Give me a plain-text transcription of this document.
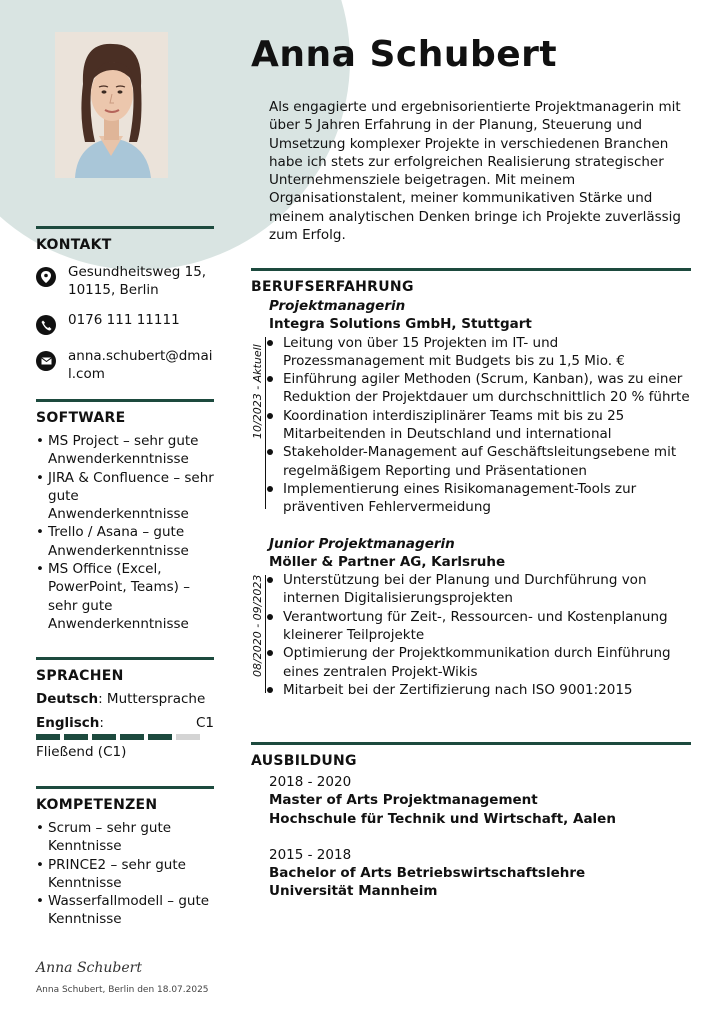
KONTAKT
Gesundheitsweg 15, 10115, Berlin
0176 111 11111
anna.schubert@dmail.com
SOFTWARE
• MS Project – sehr gute Anwenderkenntnisse
• JIRA & Confluence – sehr gute Anwenderkenntnisse
• Trello / Asana – gute Anwenderkenntnisse
• MS Office (Excel, PowerPoint, Teams) – sehr gute Anwenderkenntnisse
SPRACHEN
Deutsch: Muttersprache
Englisch:	C1
Fließend (C1)
KOMPETENZEN
• Scrum – sehr gute Kenntnisse
• PRINCE2 – sehr gute Kenntnisse
• Wasserfallmodell – gute Kenntnisse
Anna Schubert
Als engagierte und ergebnisorientierte Projektmanagerin mit über 5 Jahren Erfahrung in der Planung, Steuerung und Umsetzung komplexer Projekte in verschiedenen Branchen habe ich stets zur erfolgreichen Realisierung strategischer Unternehmensziele beigetragen. Mit meinem Organisationstalent, meiner kommunikativen Stärke und meinem analytischen Denken bringe ich Projekte zuverlässig zum Erfolg.
BERUFSERFAHRUNG
Projektmanagerin
Integra Solutions GmbH, Stuttgart
10/2023 - Aktuell
Leitung von über 15 Projekten im IT- und Prozessmanagement mit Budgets bis zu 1,5 Mio. €
Einführung agiler Methoden (Scrum, Kanban), was zu einer Reduktion der Projektdauer um durchschnittlich 20 % führte
Koordination interdisziplinärer Teams mit bis zu 25 Mitarbeitenden in Deutschland und international
Stakeholder-Management auf Geschäftsleitungsebene mit regelmäßigem Reporting und Präsentationen
Implementierung eines Risikomanagement-Tools zur präventiven Fehlervermeidung
Junior Projektmanagerin
Möller & Partner AG, Karlsruhe
08/2020 - 09/2023 Unterstützung bei der Planung und Durchführung von internen Digitalisierungsprojekten
Verantwortung für Zeit-, Ressourcen- und Kostenplanung kleinerer Teilprojekte
Optimierung der Projektkommunikation durch Einführung eines zentralen Projekt-Wikis
Mitarbeit bei der Zertifizierung nach ISO 9001:2015
AUSBILDUNG
2018 - 2020
Master of Arts Projektmanagement
Hochschule für Technik und Wirtschaft, Aalen
2015 - 2018
Bachelor of Arts Betriebswirtschaftslehre
Universität Mannheim
Anna Schubert
Anna Schubert, Berlin den 18.07.2025
